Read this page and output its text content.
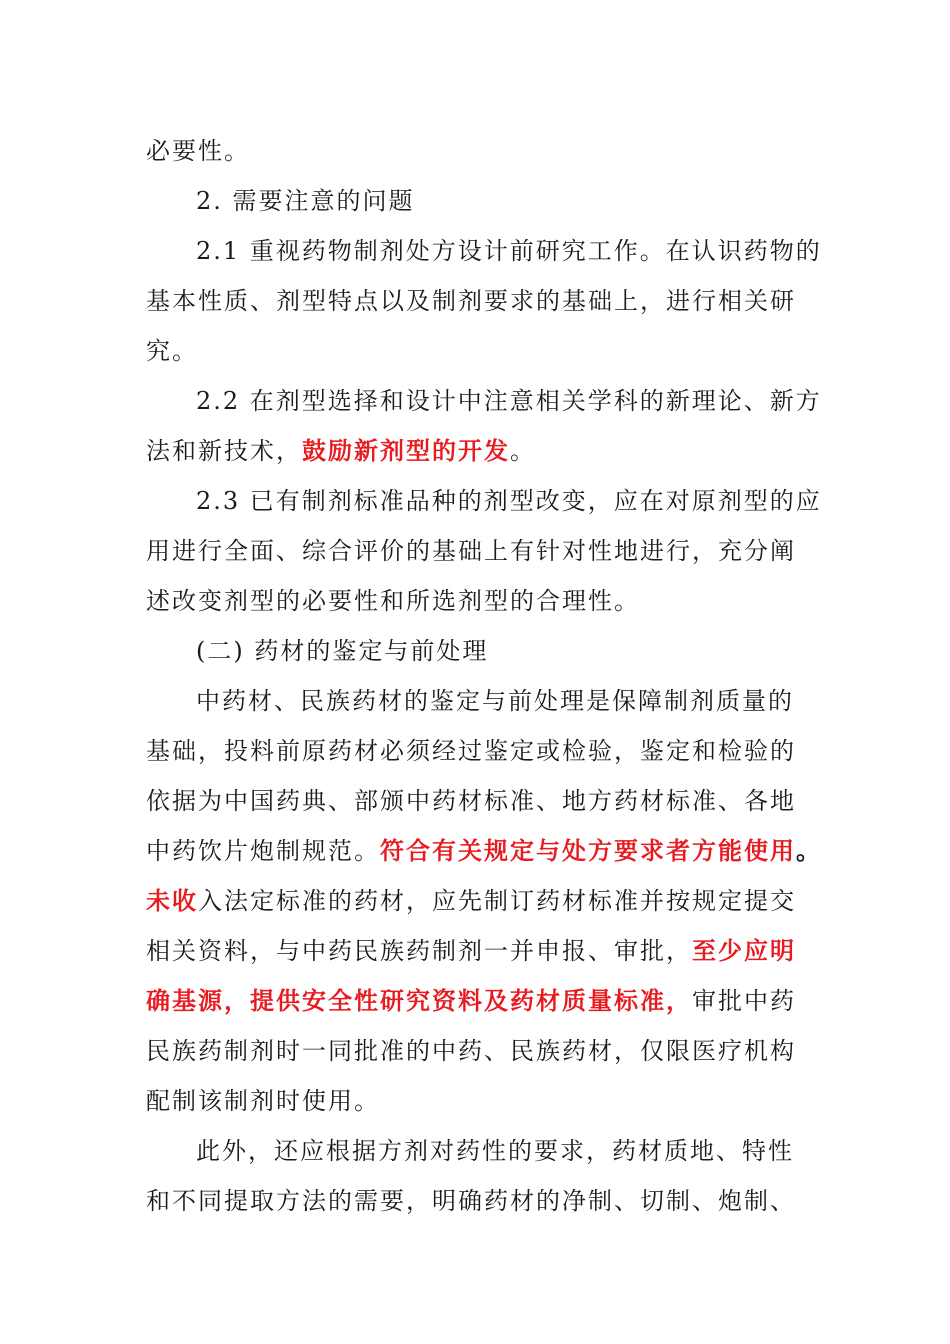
必要性。
2. 需要注意的问题
2.1 重视药物制剂处方设计前研究工作。在认识药物的
基本性质、剂型特点以及制剂要求的基础上，进行相关研
究。
2.2 在剂型选择和设计中注意相关学科的新理论、新方
法和新技术，鼓励新剂型的开发。
2.3 已有制剂标准品种的剂型改变，应在对原剂型的应
用进行全面、综合评价的基础上有针对性地进行，充分阐
述改变剂型的必要性和所选剂型的合理性。
(二) 药材的鉴定与前处理
中药材、民族药材的鉴定与前处理是保障制剂质量的
基础，投料前原药材必须经过鉴定或检验，鉴定和检验的
依据为中国药典、部颁中药材标准、地方药材标准、各地
中药饮片炮制规范。符合有关规定与处方要求者方能使用。
未收入法定标准的药材，应先制订药材标准并按规定提交
相关资料，与中药民族药制剂一并申报、审批，至少应明
确基源，提供安全性研究资料及药材质量标准，审批中药
民族药制剂时一同批准的中药、民族药材，仅限医疗机构
配制该制剂时使用。
此外，还应根据方剂对药性的要求，药材质地、特性
和不同提取方法的需要，明确药材的净制、切制、炮制、
